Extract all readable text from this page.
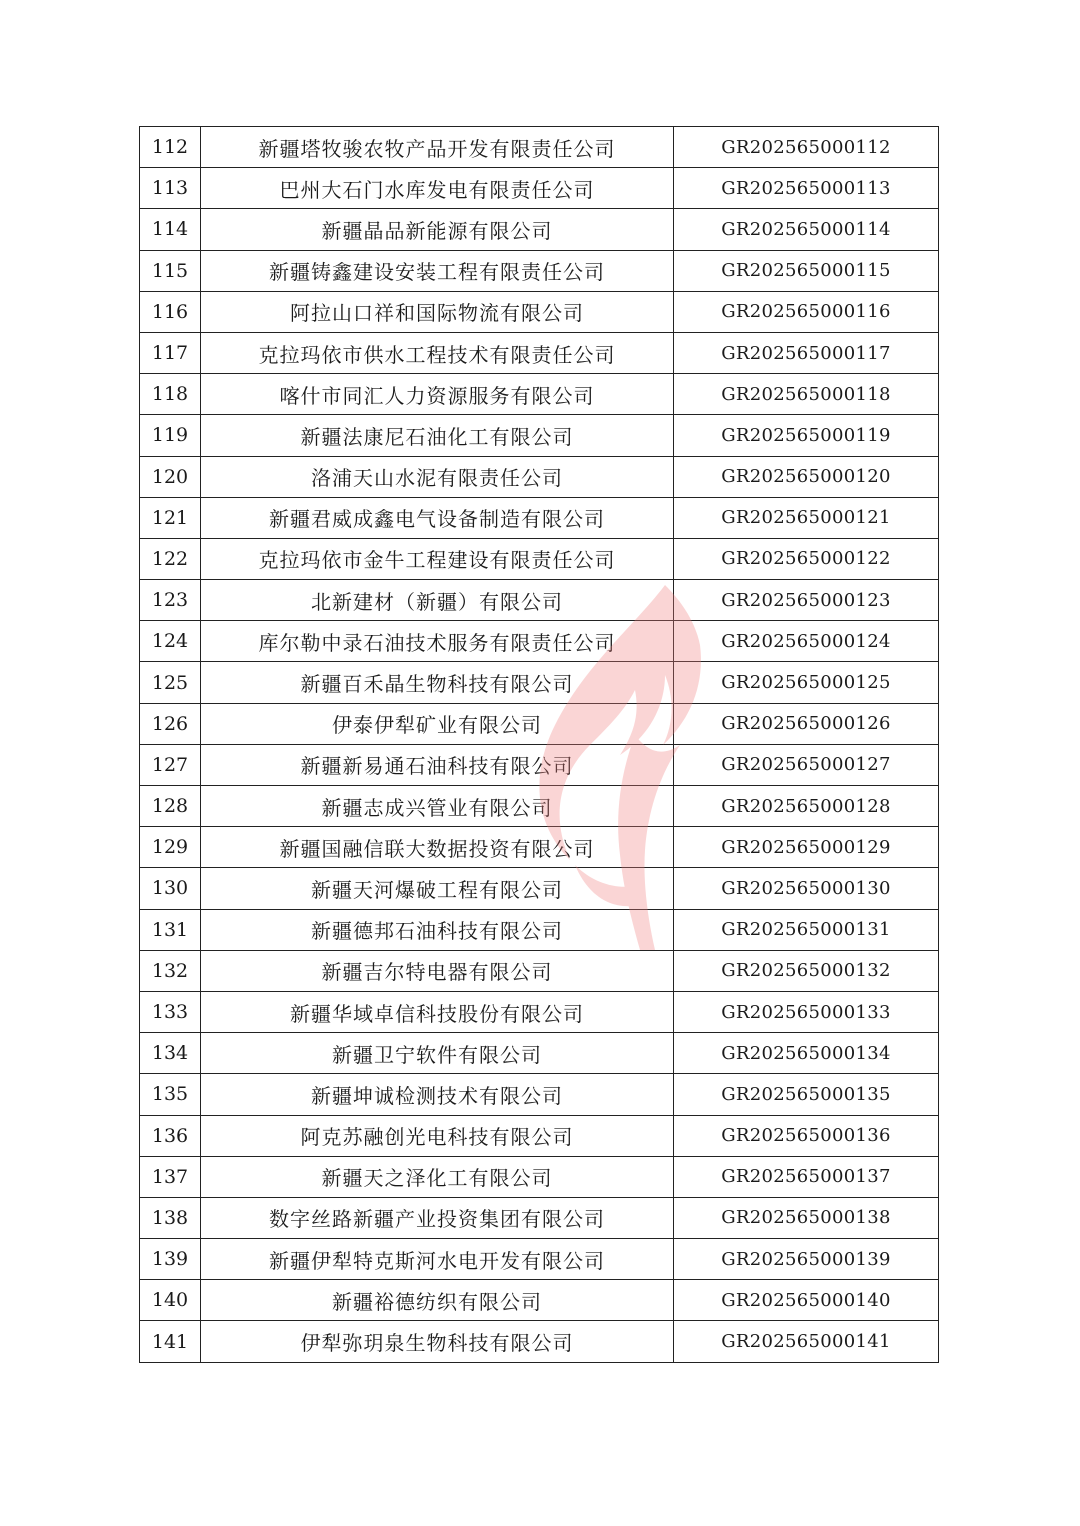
112	新疆塔牧骏农牧产品开发有限责任公司	GR202565000112
113	巴州大石门水库发电有限责任公司	GR202565000113
114	新疆晶品新能源有限公司	GR202565000114
115	新疆铸鑫建设安装工程有限责任公司	GR202565000115
116	阿拉山口祥和国际物流有限公司	GR202565000116
117	克拉玛依市供水工程技术有限责任公司	GR202565000117
118	喀什市同汇人力资源服务有限公司	GR202565000118
119	新疆法康尼石油化工有限公司	GR202565000119
120	洛浦天山水泥有限责任公司	GR202565000120
121	新疆君威成鑫电气设备制造有限公司	GR202565000121
122	克拉玛依市金牛工程建设有限责任公司	GR202565000122
123	北新建材（新疆）有限公司	GR202565000123
124	库尔勒中录石油技术服务有限责任公司	GR202565000124
125	新疆百禾晶生物科技有限公司	GR202565000125
126	伊泰伊犁矿业有限公司	GR202565000126
127	新疆新易通石油科技有限公司	GR202565000127
128	新疆志成兴管业有限公司	GR202565000128
129	新疆国融信联大数据投资有限公司	GR202565000129
130	新疆天河爆破工程有限公司	GR202565000130
131	新疆德邦石油科技有限公司	GR202565000131
132	新疆吉尔特电器有限公司	GR202565000132
133	新疆华域卓信科技股份有限公司	GR202565000133
134	新疆卫宁软件有限公司	GR202565000134
135	新疆坤诚检测技术有限公司	GR202565000135
136	阿克苏融创光电科技有限公司	GR202565000136
137	新疆天之泽化工有限公司	GR202565000137
138	数字丝路新疆产业投资集团有限公司	GR202565000138
139	新疆伊犁特克斯河水电开发有限公司	GR202565000139
140	新疆裕德纺织有限公司	GR202565000140
141	伊犁弥玥泉生物科技有限公司	GR202565000141
